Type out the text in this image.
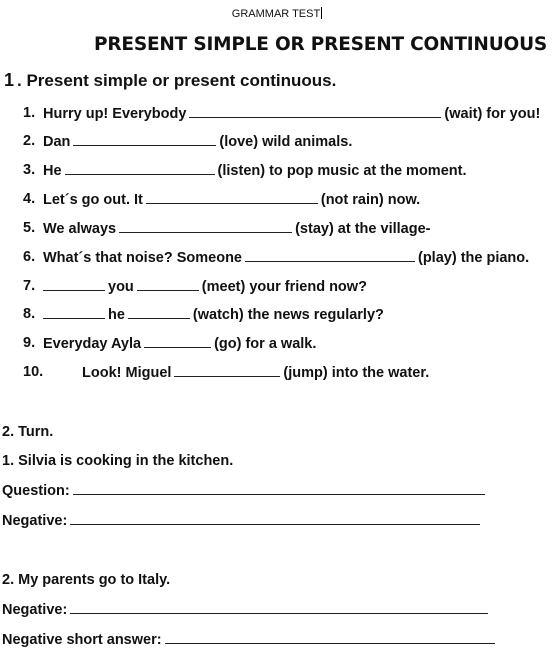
GRAMMAR TEST
PRESENT SIMPLE OR PRESENT CONTINUOUS
1 . Present simple or present continuous.
1. Hurry up! Everybody	(wait) for you!
2. Dan	(love) wild animals.
3. He	(listen) to pop music at the moment.
4. Let´s go out. It	(not rain) now.
5. We always	(stay) at the village-
6. What´s that noise? Someone	(play) the piano.
7.	you	(meet) your friend now?
8.	he	(watch) the news regularly?
9. Everyday Ayla	(go) for a walk.
10.	Look! Miguel	(jump) into the water.
2. Turn.
1. Silvia is cooking in the kitchen.
Question:
Negative:
2. My parents go to Italy.
Negative:
Negative short answer:
